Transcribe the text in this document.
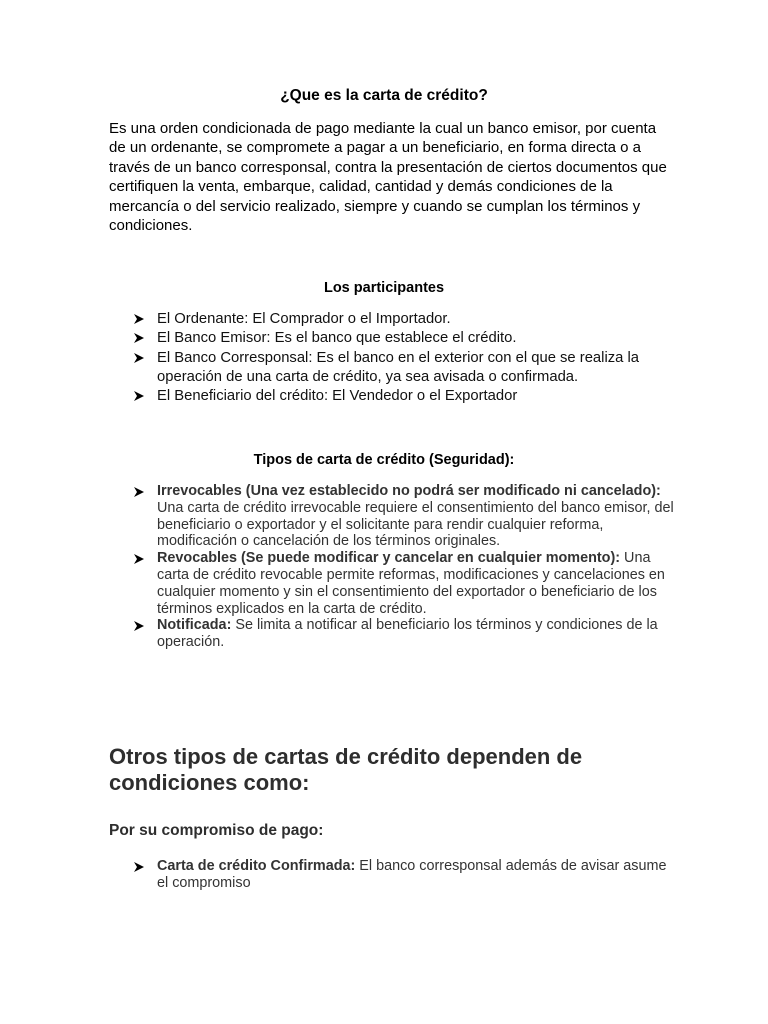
¿Que es la carta de crédito?

Es una orden condicionada de pago mediante la cual un banco emisor, por cuenta de un ordenante, se compromete a pagar a un beneficiario, en forma directa o a través de un banco corresponsal, contra la presentación de ciertos documentos que certifiquen la venta, embarque, calidad, cantidad y demás condiciones de la mercancía o del servicio realizado, siempre y cuando se cumplan los términos y condiciones.

Los participantes
El Ordenante: El Comprador o el Importador.
El Banco Emisor: Es el banco que establece el crédito.
El Banco Corresponsal: Es el banco en el exterior con el que se realiza la operación de una carta de crédito, ya sea avisada o confirmada.
El Beneficiario del crédito: El Vendedor o el Exportador
Tipos de carta de crédito (Seguridad):
Irrevocables (Una vez establecido no podrá ser modificado ni cancelado): Una carta de crédito irrevocable requiere el consentimiento del banco emisor, del beneficiario o exportador y el solicitante para rendir cualquier reforma, modificación o cancelación de los términos originales.
Revocables (Se puede modificar y cancelar en cualquier momento): Una carta de crédito revocable permite reformas, modificaciones y cancelaciones en cualquier momento y sin el consentimiento del exportador o beneficiario de los términos explicados en la carta de crédito.
Notificada: Se limita a notificar al beneficiario los términos y condiciones de la operación.
Otros tipos de cartas de crédito dependen de condiciones como:
Por su compromiso de pago:
Carta de crédito Confirmada: El banco corresponsal además de avisar asume el compromiso
